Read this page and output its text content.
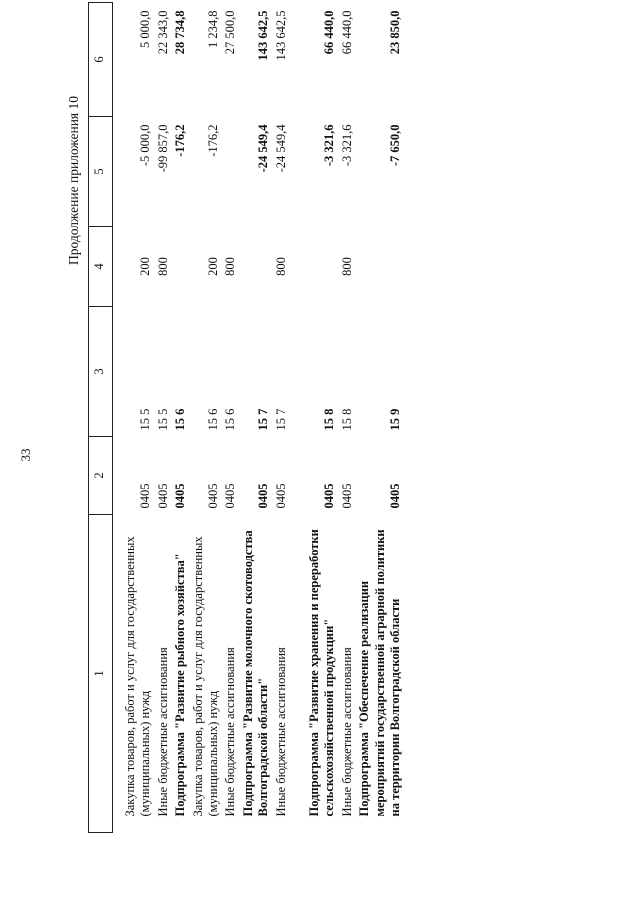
33
Продолжение приложения 10
1	2	3	4	5	6

Закупка товаров, работ и услуг для государственных (муниципальных) нужд	0405	15 5	200	-5 000,0	5 000,0
Иные бюджетные ассигнования	0405	15 5	800	-99 857,0	22 343,0
Подпрограмма "Развитие рыбного хозяйства"	0405	15 6		-176,2	28 734,8
Закупка товаров, работ и услуг для государственных (муниципальных) нужд	0405	15 6	200	-176,2	1 234,8
Иные бюджетные ассигнования	0405	15 6	800		27 500,0
Подпрограмма "Развитие молочного скотоводства Волгоградской области"	0405	15 7		-24 549,4	143 642,5
Иные бюджетные ассигнования	0405	15 7	800	-24 549,4	143 642,5

Подпрограмма "Развитие хранения и переработки сельскохозяйственной продукции"	0405	15 8		-3 321,6	66 440,0
Иные бюджетные ассигнования	0405	15 8	800	-3 321,6	66 440,0
Подпрограмма "Обеспечение реализации мероприятий государственной аграрной политики на территории Волгоградской области	0405	15 9		-7 650,0	23 850,0
